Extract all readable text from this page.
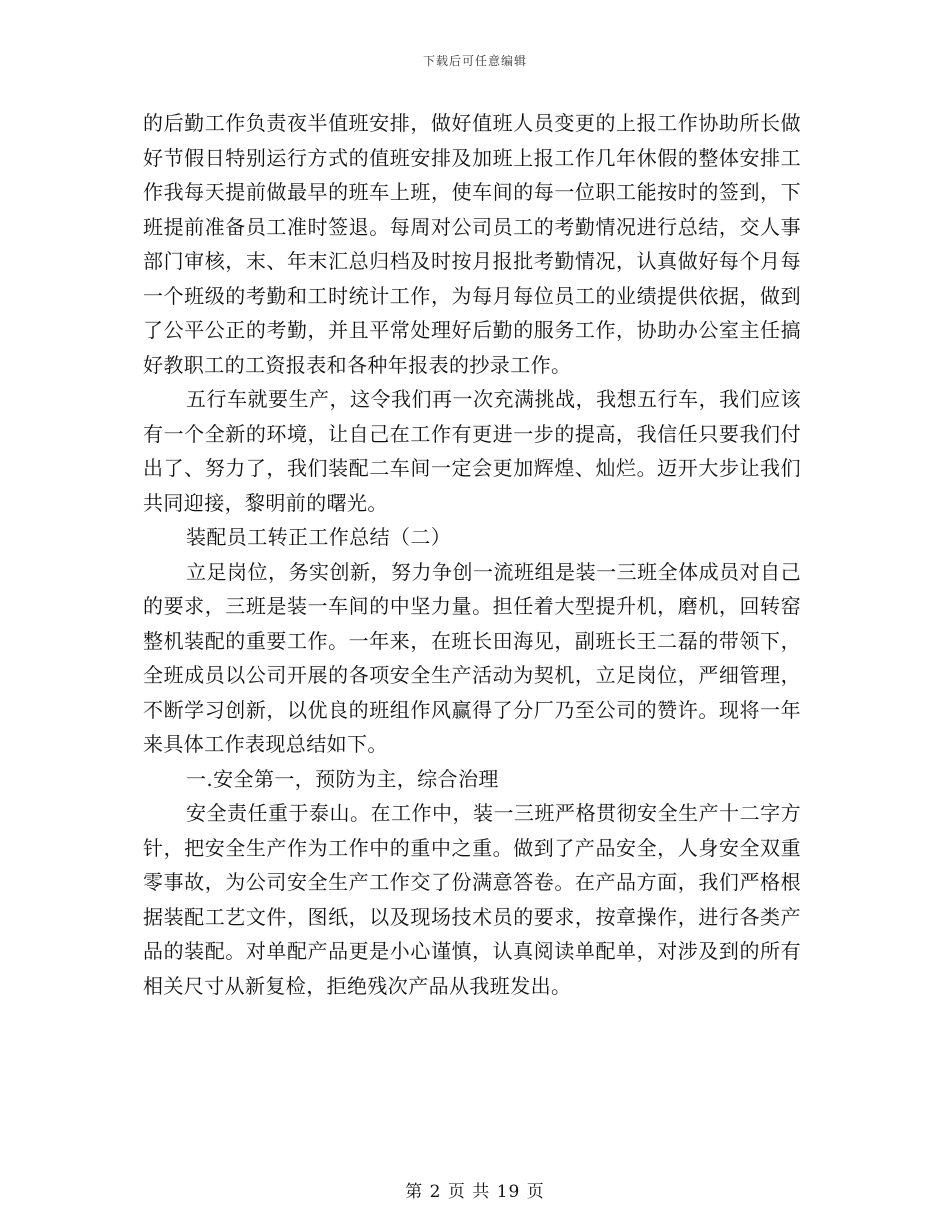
下载后可任意编辑

的后勤工作负责夜半值班安排，做好值班人员变更的上报工作协助所长做好节假日特别运行方式的值班安排及加班上报工作几年休假的整体安排工作我每天提前做最早的班车上班，使车间的每一位职工能按时的签到，下班提前准备员工准时签退。每周对公司员工的考勤情况进行总结，交人事部门审核，末、年末汇总归档及时按月报批考勤情况，认真做好每个月每一个班级的考勤和工时统计工作，为每月每位员工的业绩提供依据，做到了公平公正的考勤，并且平常处理好后勤的服务工作，协助办公室主任搞好教职工的工资报表和各种年报表的抄录工作。

五行车就要生产，这令我们再一次充满挑战，我想五行车，我们应该有一个全新的环境，让自己在工作有更进一步的提高，我信任只要我们付出了、努力了，我们装配二车间一定会更加辉煌、灿烂。迈开大步让我们共同迎接，黎明前的曙光。

装配员工转正工作总结（二）

立足岗位，务实创新，努力争创一流班组是装一三班全体成员对自己的要求，三班是装一车间的中坚力量。担任着大型提升机，磨机，回转窑整机装配的重要工作。一年来，在班长田海见，副班长王二磊的带领下，全班成员以公司开展的各项安全生产活动为契机，立足岗位，严细管理，不断学习创新，以优良的班组作风赢得了分厂乃至公司的赞许。现将一年来具体工作表现总结如下。

一.安全第一，预防为主，综合治理

安全责任重于泰山。在工作中，装一三班严格贯彻安全生产十二字方针，把安全生产作为工作中的重中之重。做到了产品安全，人身安全双重零事故，为公司安全生产工作交了份满意答卷。在产品方面，我们严格根据装配工艺文件，图纸，以及现场技术员的要求，按章操作，进行各类产品的装配。对单配产品更是小心谨慎，认真阅读单配单，对涉及到的所有相关尺寸从新复检，拒绝残次产品从我班发出。

第 2 页 共 19 页
